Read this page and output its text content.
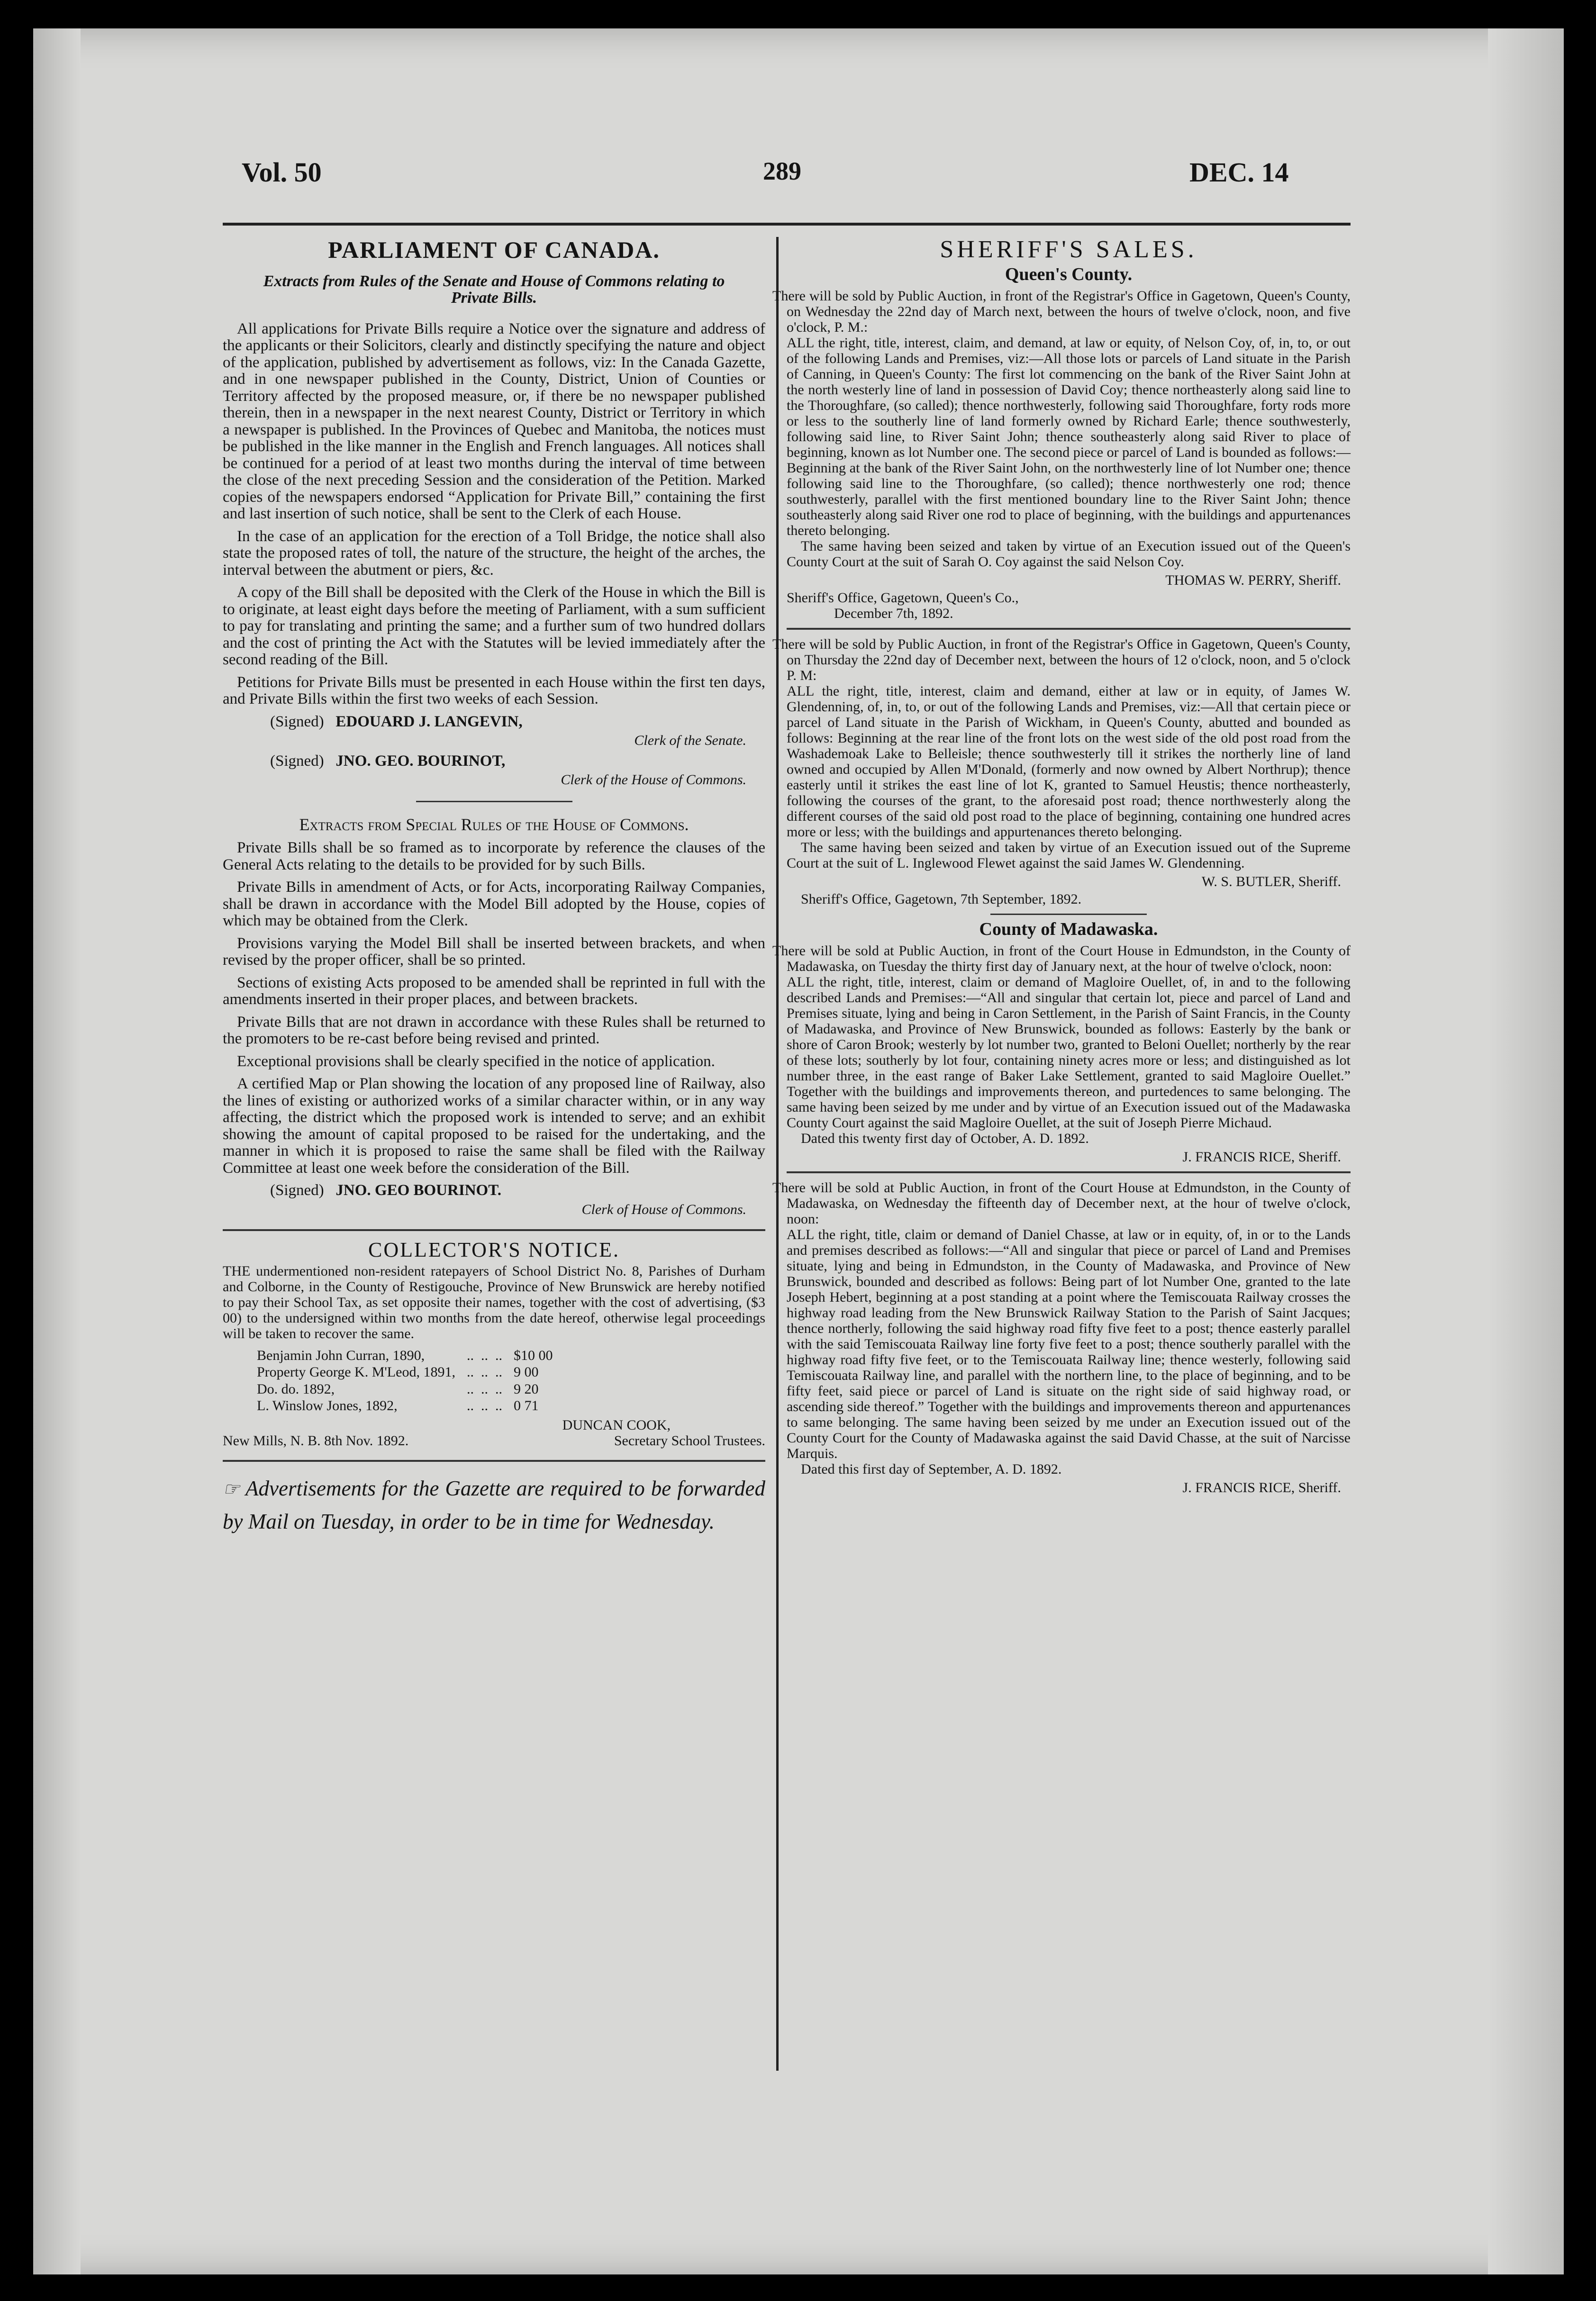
Vol. 50	289	DEC. 14
PARLIAMENT OF CANADA.
Extracts from Rules of the Senate and House of Commons relating to Private Bills.

All applications for Private Bills require a Notice over the signature and address of the applicants or their Solicitors, clearly and distinctly specifying the nature and object of the application, published by advertisement as follows, viz: In the Canada Gazette, and in one newspaper published in the County, District, Union of Counties or Territory affected by the proposed measure, or, if there be no newspaper published therein, then in a newspaper in the next nearest County, District or Territory in which a newspaper is published. In the Provinces of Quebec and Manitoba, the notices must be published in the like manner in the English and French languages. All notices shall be continued for a period of at least two months during the interval of time between the close of the next preceding Session and the consideration of the Petition. Marked copies of the newspapers endorsed “Application for Private Bill,” containing the first and last insertion of such notice, shall be sent to the Clerk of each House.

In the case of an application for the erection of a Toll Bridge, the notice shall also state the proposed rates of toll, the nature of the structure, the height of the arches, the interval between the abutment or piers, &c.

A copy of the Bill shall be deposited with the Clerk of the House in which the Bill is to originate, at least eight days before the meeting of Parliament, with a sum sufficient to pay for translating and printing the same; and a further sum of two hundred dollars and the cost of printing the Act with the Statutes will be levied immediately after the second reading of the Bill.

Petitions for Private Bills must be presented in each House within the first ten days, and Private Bills within the first two weeks of each Session.

(Signed)
EDOUARD J. LANGEVIN,
Clerk of the Senate.
(Signed)
JNO. GEO. BOURINOT,
Clerk of the House of Commons.
Extracts from Special Rules of the House of Commons.

Private Bills shall be so framed as to incorporate by reference the clauses of the General Acts relating to the details to be provided for by such Bills.

Private Bills in amendment of Acts, or for Acts, incorporating Railway Companies, shall be drawn in accordance with the Model Bill adopted by the House, copies of which may be obtained from the Clerk.

Provisions varying the Model Bill shall be inserted between brackets, and when revised by the proper officer, shall be so printed.

Sections of existing Acts proposed to be amended shall be reprinted in full with the amendments inserted in their proper places, and between brackets.

Private Bills that are not drawn in accordance with these Rules shall be returned to the promoters to be re-cast before being revised and printed.

Exceptional provisions shall be clearly specified in the notice of application.

A certified Map or Plan showing the location of any proposed line of Railway, also the lines of existing or authorized works of a similar character within, or in any way affecting, the district which the proposed work is intended to serve; and an exhibit showing the amount of capital proposed to be raised for the undertaking, and the manner in which it is proposed to raise the same shall be filed with the Railway Committee at least one week before the consideration of the Bill.

(Signed)
JNO. GEO BOURINOT.
Clerk of House of Commons.
COLLECTOR'S NOTICE.

THE undermentioned non-resident ratepayers of School District No. 8, Parishes of Durham and Colborne, in the County of Restigouche, Province of New Brunswick are hereby notified to pay their School Tax, as set opposite their names, together with the cost of advertising, ($3 00) to the undersigned within two months from the date hereof, otherwise legal proceedings will be taken to recover the same.

Benjamin John Curran, 1890,	..  ..  ..	$10 00
Property George K. M'Leod, 1891,	..  ..  ..	9 00
Do. do. 1892,	..  ..  ..	9 20
L. Winslow Jones, 1892,	..  ..  ..	0 71
DUNCAN COOK,
New Mills, N. B. 8th Nov. 1892.	Secretary School Trustees.

☞ Advertisements for the Gazette are required to be forwarded by Mail on Tuesday, in order to be in time for Wednesday.

SHERIFF'S SALES.
Queen's County.

There will be sold by Public Auction, in front of the Registrar's Office in Gagetown, Queen's County, on Wednesday the 22nd day of March next, between the hours of twelve o'clock, noon, and five o'clock, P. M.:

ALL the right, title, interest, claim, and demand, at law or equity, of Nelson Coy, of, in, to, or out of the following Lands and Premises, viz:—All those lots or parcels of Land situate in the Parish of Canning, in Queen's County: The first lot commencing on the bank of the River Saint John at the north westerly line of land in possession of David Coy; thence northeasterly along said line to the Thoroughfare, (so called); thence northwesterly, following said Thoroughfare, forty rods more or less to the southerly line of land formerly owned by Richard Earle; thence southwesterly, following said line, to River Saint John; thence southeasterly along said River to place of beginning, known as lot Number one. The second piece or parcel of Land is bounded as follows:—Beginning at the bank of the River Saint John, on the northwesterly line of lot Number one; thence following said line to the Thoroughfare, (so called); thence northwesterly one rod; thence southwesterly, parallel with the first mentioned boundary line to the River Saint John; thence southeasterly along said River one rod to place of beginning, with the buildings and appurtenances thereto belonging.

The same having been seized and taken by virtue of an Execution issued out of the Queen's County Court at the suit of Sarah O. Coy against the said Nelson Coy.

THOMAS W. PERRY, Sheriff.

Sheriff's Office, Gagetown, Queen's Co.,

December 7th, 1892.

There will be sold by Public Auction, in front of the Registrar's Office in Gagetown, Queen's County, on Thursday the 22nd day of December next, between the hours of 12 o'clock, noon, and 5 o'clock P. M:

ALL the right, title, interest, claim and demand, either at law or in equity, of James W. Glendenning, of, in, to, or out of the following Lands and Premises, viz:—All that certain piece or parcel of Land situate in the Parish of Wickham, in Queen's County, abutted and bounded as follows: Beginning at the rear line of the front lots on the west side of the old post road from the Washademoak Lake to Belleisle; thence southwesterly till it strikes the northerly line of land owned and occupied by Allen M'Donald, (formerly and now owned by Albert Northrup); thence easterly until it strikes the east line of lot K, granted to Samuel Heustis; thence northeasterly, following the courses of the grant, to the aforesaid post road; thence northwesterly along the different courses of the said old post road to the place of beginning, containing one hundred acres more or less; with the buildings and appurtenances thereto belonging.

The same having been seized and taken by virtue of an Execution issued out of the Supreme Court at the suit of L. Inglewood Flewet against the said James W. Glendenning.

W. S. BUTLER, Sheriff.

Sheriff's Office, Gagetown, 7th September, 1892.

County of Madawaska.

There will be sold at Public Auction, in front of the Court House in Edmundston, in the County of Madawaska, on Tuesday the thirty first day of January next, at the hour of twelve o'clock, noon:

ALL the right, title, interest, claim or demand of Magloire Ouellet, of, in and to the following described Lands and Premises:—“All and singular that certain lot, piece and parcel of Land and Premises situate, lying and being in Caron Settlement, in the Parish of Saint Francis, in the County of Madawaska, and Province of New Brunswick, bounded as follows: Easterly by the bank or shore of Caron Brook; westerly by lot number two, granted to Beloni Ouellet; northerly by the rear of these lots; southerly by lot four, containing ninety acres more or less; and distinguished as lot number three, in the east range of Baker Lake Settlement, granted to said Magloire Ouellet.” Together with the buildings and improvements thereon, and purtedences to same belonging. The same having been seized by me under and by virtue of an Execution issued out of the Madawaska County Court against the said Magloire Ouellet, at the suit of Joseph Pierre Michaud.

Dated this twenty first day of October, A. D. 1892.

J. FRANCIS RICE, Sheriff.

There will be sold at Public Auction, in front of the Court House at Edmundston, in the County of Madawaska, on Wednesday the fifteenth day of December next, at the hour of twelve o'clock, noon:

ALL the right, title, claim or demand of Daniel Chasse, at law or in equity, of, in or to the Lands and premises described as follows:—“All and singular that piece or parcel of Land and Premises situate, lying and being in Edmundston, in the County of Madawaska, and Province of New Brunswick, bounded and described as follows: Being part of lot Number One, granted to the late Joseph Hebert, beginning at a post standing at a point where the Temiscouata Railway crosses the highway road leading from the New Brunswick Railway Station to the Parish of Saint Jacques; thence northerly, following the said highway road fifty five feet to a post; thence easterly parallel with the said Temiscouata Railway line forty five feet to a post; thence southerly parallel with the highway road fifty five feet, or to the Temiscouata Railway line; thence westerly, following said Temiscouata Railway line, and parallel with the northern line, to the place of beginning, and to be fifty feet, said piece or parcel of Land is situate on the right side of said highway road, or ascending side thereof.” Together with the buildings and improvements thereon and appurtenances to same belonging. The same having been seized by me under an Execution issued out of the County Court for the County of Madawaska against the said David Chasse, at the suit of Narcisse Marquis.

Dated this first day of September, A. D. 1892.

J. FRANCIS RICE, Sheriff.
